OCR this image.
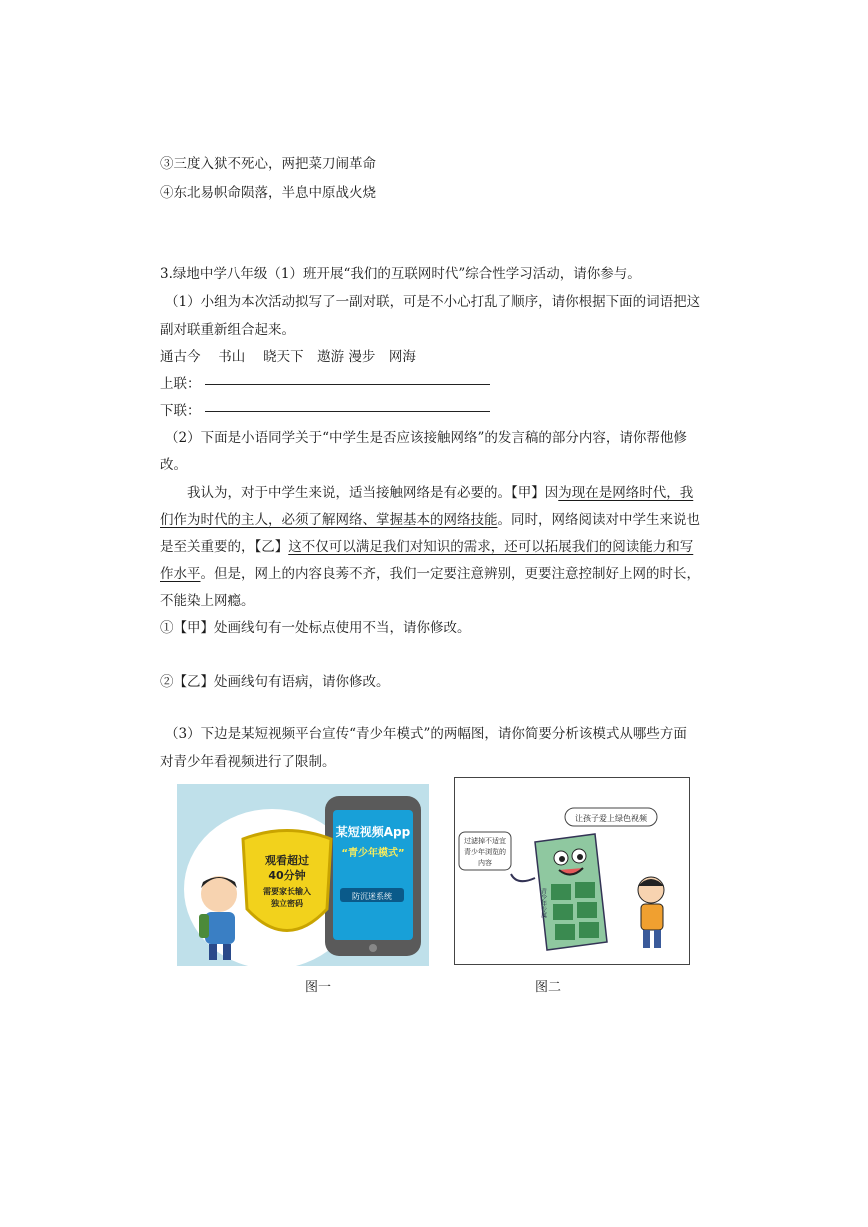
③三度入狱不死心，两把菜刀闹革命
④东北易帜命陨落，半息中原战火烧
3.绿地中学八年级（1）班开展“我们的互联网时代”综合性学习活动，请你参与。
（1）小组为本次活动拟写了一副对联，可是不小心打乱了顺序，请你根据下面的词语把这
副对联重新组合起来。
通古今　 书山　 晓天下　遨游 漫步　网海
上联：
下联：
（2）下面是小语同学关于“中学生是否应该接触网络”的发言稿的部分内容，请你帮他修
改。
我认为，对于中学生来说，适当接触网络是有必要的。【甲】因为现在是网络时代，我
们作为时代的主人，必须了解网络、掌握基本的网络技能。同时，网络阅读对中学生来说也
是至关重要的，【乙】这不仅可以满足我们对知识的需求，还可以拓展我们的阅读能力和写
作水平。但是，网上的内容良莠不齐，我们一定要注意辨别，更要注意控制好上网的时长，
不能染上网瘾。
①【甲】处画线句有一处标点使用不当，请你修改。
②【乙】处画线句有语病，请你修改。
（3）下边是某短视频平台宣传“青少年模式”的两幅图，请你简要分析该模式从哪些方面
对青少年看视频进行了限制。
某短视频App
“青少年模式”
防沉迷系统
观看超过
40分钟
需要家长输入
独立密码
图一
让孩子爱上绿色视频
过滤掉不适宜
青少年浏览的
内容
青少年专属
图二
